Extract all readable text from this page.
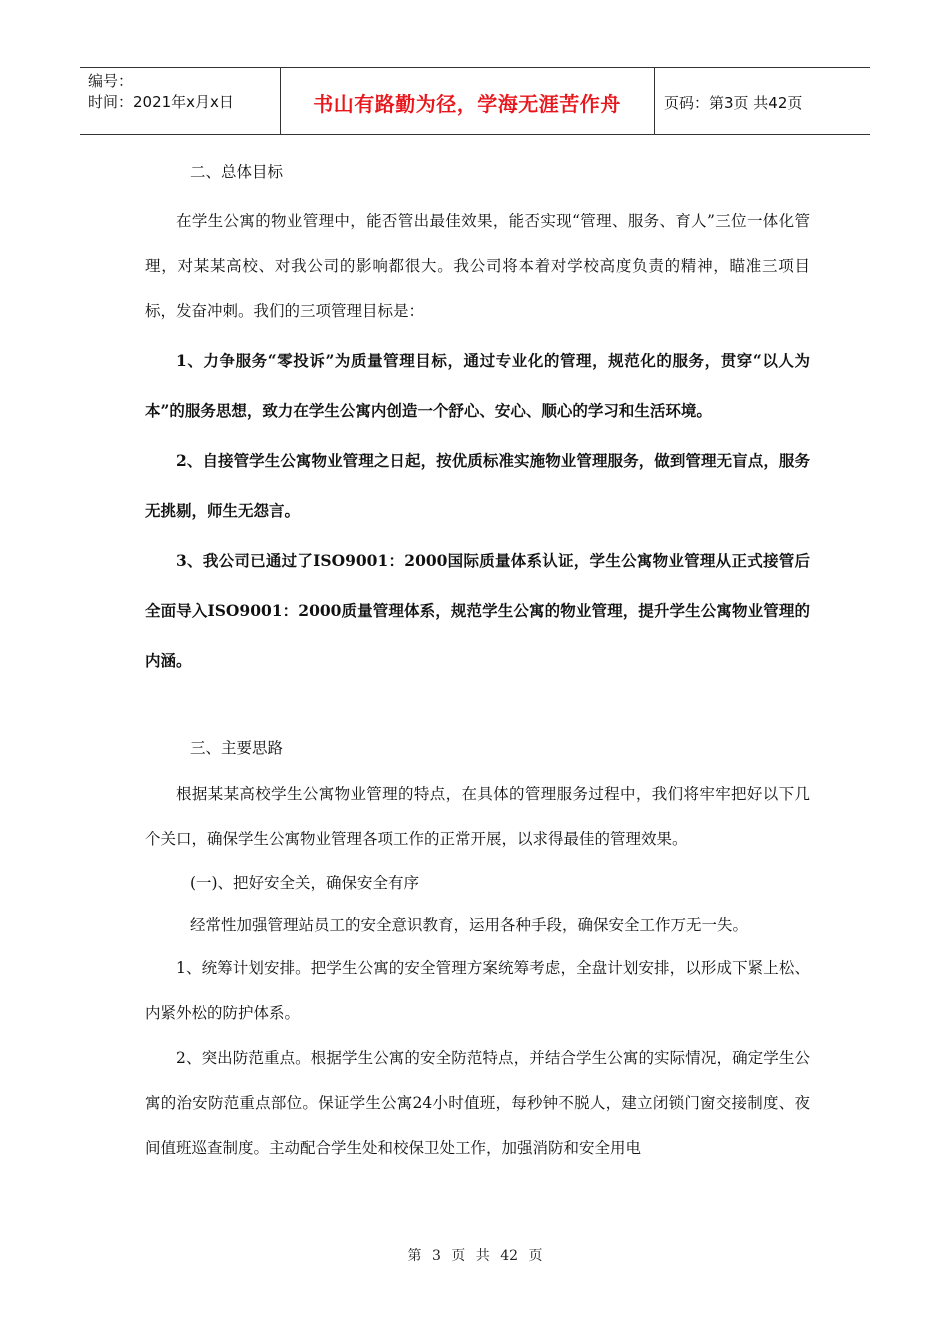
编号：
时间：2021年x月x日	书山有路勤为径，学海无涯苦作舟	页码：第3页 共42页

二、总体目标

在学生公寓的物业管理中，能否管出最佳效果，能否实现“管理、服务、育人”三位一体化管理，对某某高校、对我公司的影响都很大。我公司将本着对学校高度负责的精神，瞄准三项目标，发奋冲刺。我们的三项管理目标是：

1、力争服务“零投诉”为质量管理目标，通过专业化的管理，规范化的服务，贯穿“以人为本”的服务思想，致力在学生公寓内创造一个舒心、安心、顺心的学习和生活环境。

2、自接管学生公寓物业管理之日起，按优质标准实施物业管理服务，做到管理无盲点，服务无挑剔，师生无怨言。

3、我公司已通过了ISO9001：2000国际质量体系认证，学生公寓物业管理从正式接管后全面导入ISO9001：2000质量管理体系，规范学生公寓的物业管理，提升学生公寓物业管理的内涵。

三、主要思路

根据某某高校学生公寓物业管理的特点，在具体的管理服务过程中，我们将牢牢把好以下几个关口，确保学生公寓物业管理各项工作的正常开展，以求得最佳的管理效果。

(一)、把好安全关，确保安全有序

经常性加强管理站员工的安全意识教育，运用各种手段，确保安全工作万无一失。

1、统筹计划安排。把学生公寓的安全管理方案统筹考虑，全盘计划安排，以形成下紧上松、内紧外松的防护体系。

2、突出防范重点。根据学生公寓的安全防范特点，并结合学生公寓的实际情况，确定学生公寓的治安防范重点部位。保证学生公寓24小时值班，每秒钟不脱人，建立闭锁门窗交接制度、夜间值班巡查制度。主动配合学生处和校保卫处工作，加强消防和安全用电

第 3 页 共 42 页
